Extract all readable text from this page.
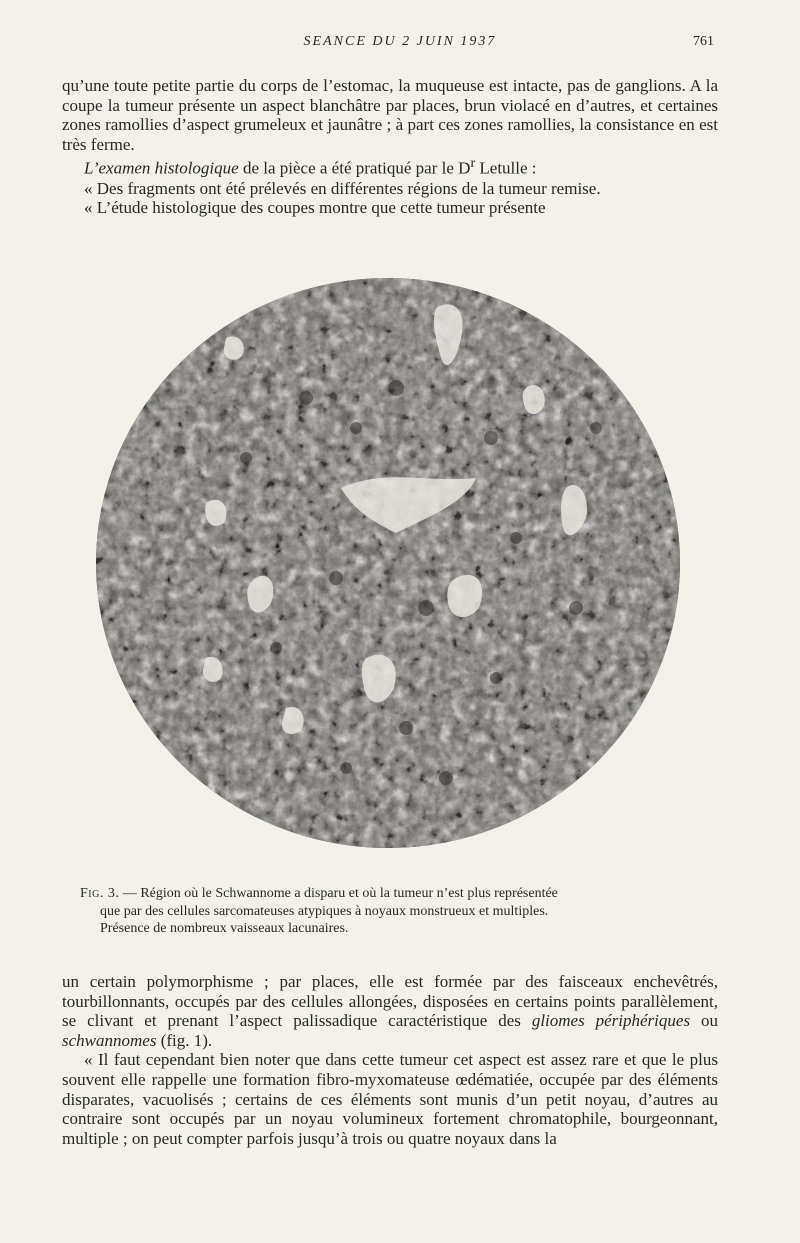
SEANCE DU 2 JUIN 1937	761

qu’une toute petite partie du corps de l’estomac, la muqueuse est intacte, pas de ganglions. A la coupe la tumeur présente un aspect blanchâtre par places, brun violacé en d’autres, et certaines zones ramollies d’aspect grumeleux et jaunâtre ; à part ces zones ramollies, la consistance en est très ferme.

L’examen histologique de la pièce a été pratiqué par le $D^r$ Letulle :

« Des fragments ont été prélevés en différentes régions de la tumeur remise.

« L’étude histologique des coupes montre que cette tumeur présente

Fig. 3. — Région où le Schwannome a disparu et où la tumeur n’est plus représentée

que par des cellules sarcomateuses atypiques à noyaux monstrueux et multiples.

Présence de nombreux vaisseaux lacunaires.

un certain polymorphisme ; par places, elle est formée par des faisceaux enchevêtrés, tourbillonnants, occupés par des cellules allongées, disposées en certains points parallèlement, se clivant et prenant l’aspect palissadique caractéristique des gliomes périphériques ou schwannomes (fig. 1).

« Il faut cependant bien noter que dans cette tumeur cet aspect est assez rare et que le plus souvent elle rappelle une formation fibro-myxomateuse œdématiée, occupée par des éléments disparates, vacuolisés ; certains de ces éléments sont munis d’un petit noyau, d’autres au contraire sont occupés par un noyau volumineux fortement chromatophile, bourgeonnant, multiple ; on peut compter parfois jusqu’à trois ou quatre noyaux dans la
